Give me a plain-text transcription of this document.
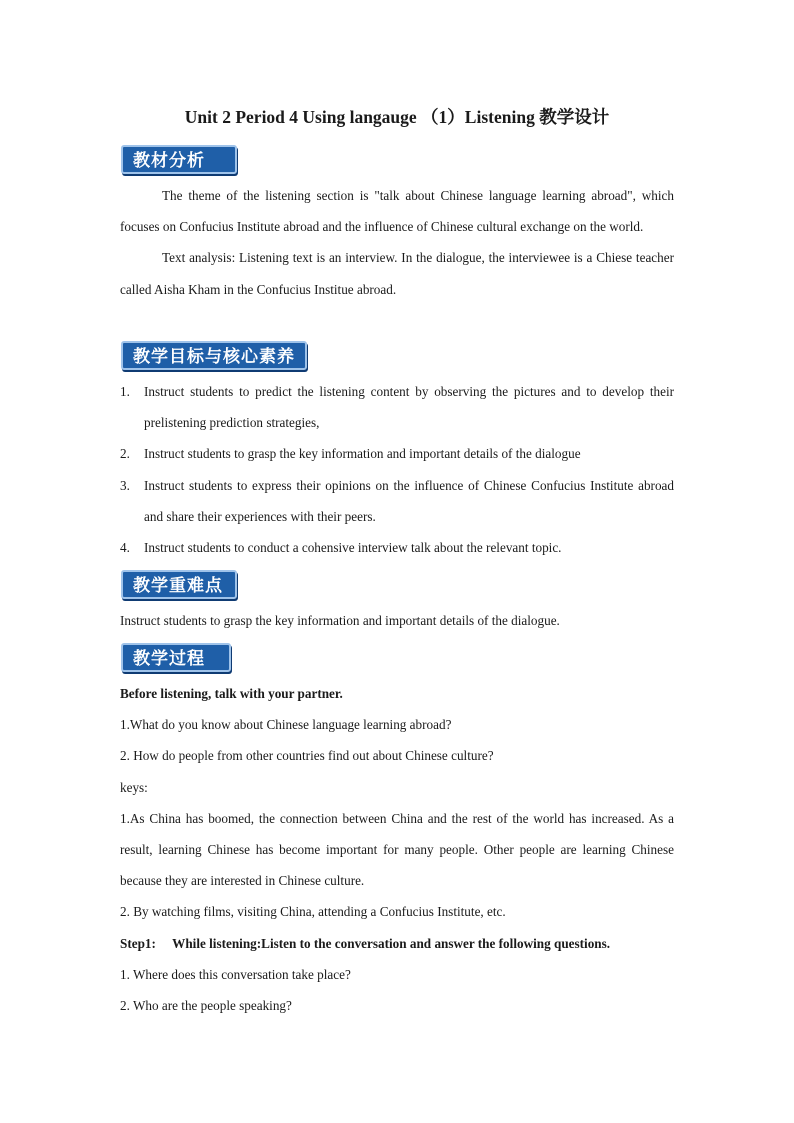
Unit 2 Period 4 Using langauge （1）Listening 教学设计
教材分析

The theme of the listening section is "talk about Chinese language learning abroad", which focuses on Confucius Institute abroad and the influence of Chinese cultural exchange on the world.

Text analysis: Listening text is an interview. In the dialogue, the interviewee is a Chiese teacher called Aisha Kham in the Confucius Institue abroad.

教学目标与核心素养
1. Instruct students to predict the listening content by observing the pictures and to develop their prelistening prediction strategies,
2. Instruct students to grasp the key information and important details of the dialogue
3. Instruct students to express their opinions on the influence of Chinese Confucius Institute abroad and share their experiences with their peers.
4. Instruct students to conduct a cohensive interview talk about the relevant topic.
教学重难点
Instruct students to grasp the key information and important details of the dialogue.
教学过程

Before listening, talk with your partner.

1.What do you know about Chinese language learning abroad?

2. How do people from other countries find out about Chinese culture?

keys:

1.As China has boomed, the connection between China and the rest of the world has increased. As a result, learning Chinese has become important for many people. Other people are learning Chinese because they are interested in Chinese culture.

2. By watching films, visiting China, attending a Confucius Institute, etc.

Step1:　 While listening:Listen to the conversation and answer the following questions.

1. Where does this conversation take place?

2. Who are the people speaking?
